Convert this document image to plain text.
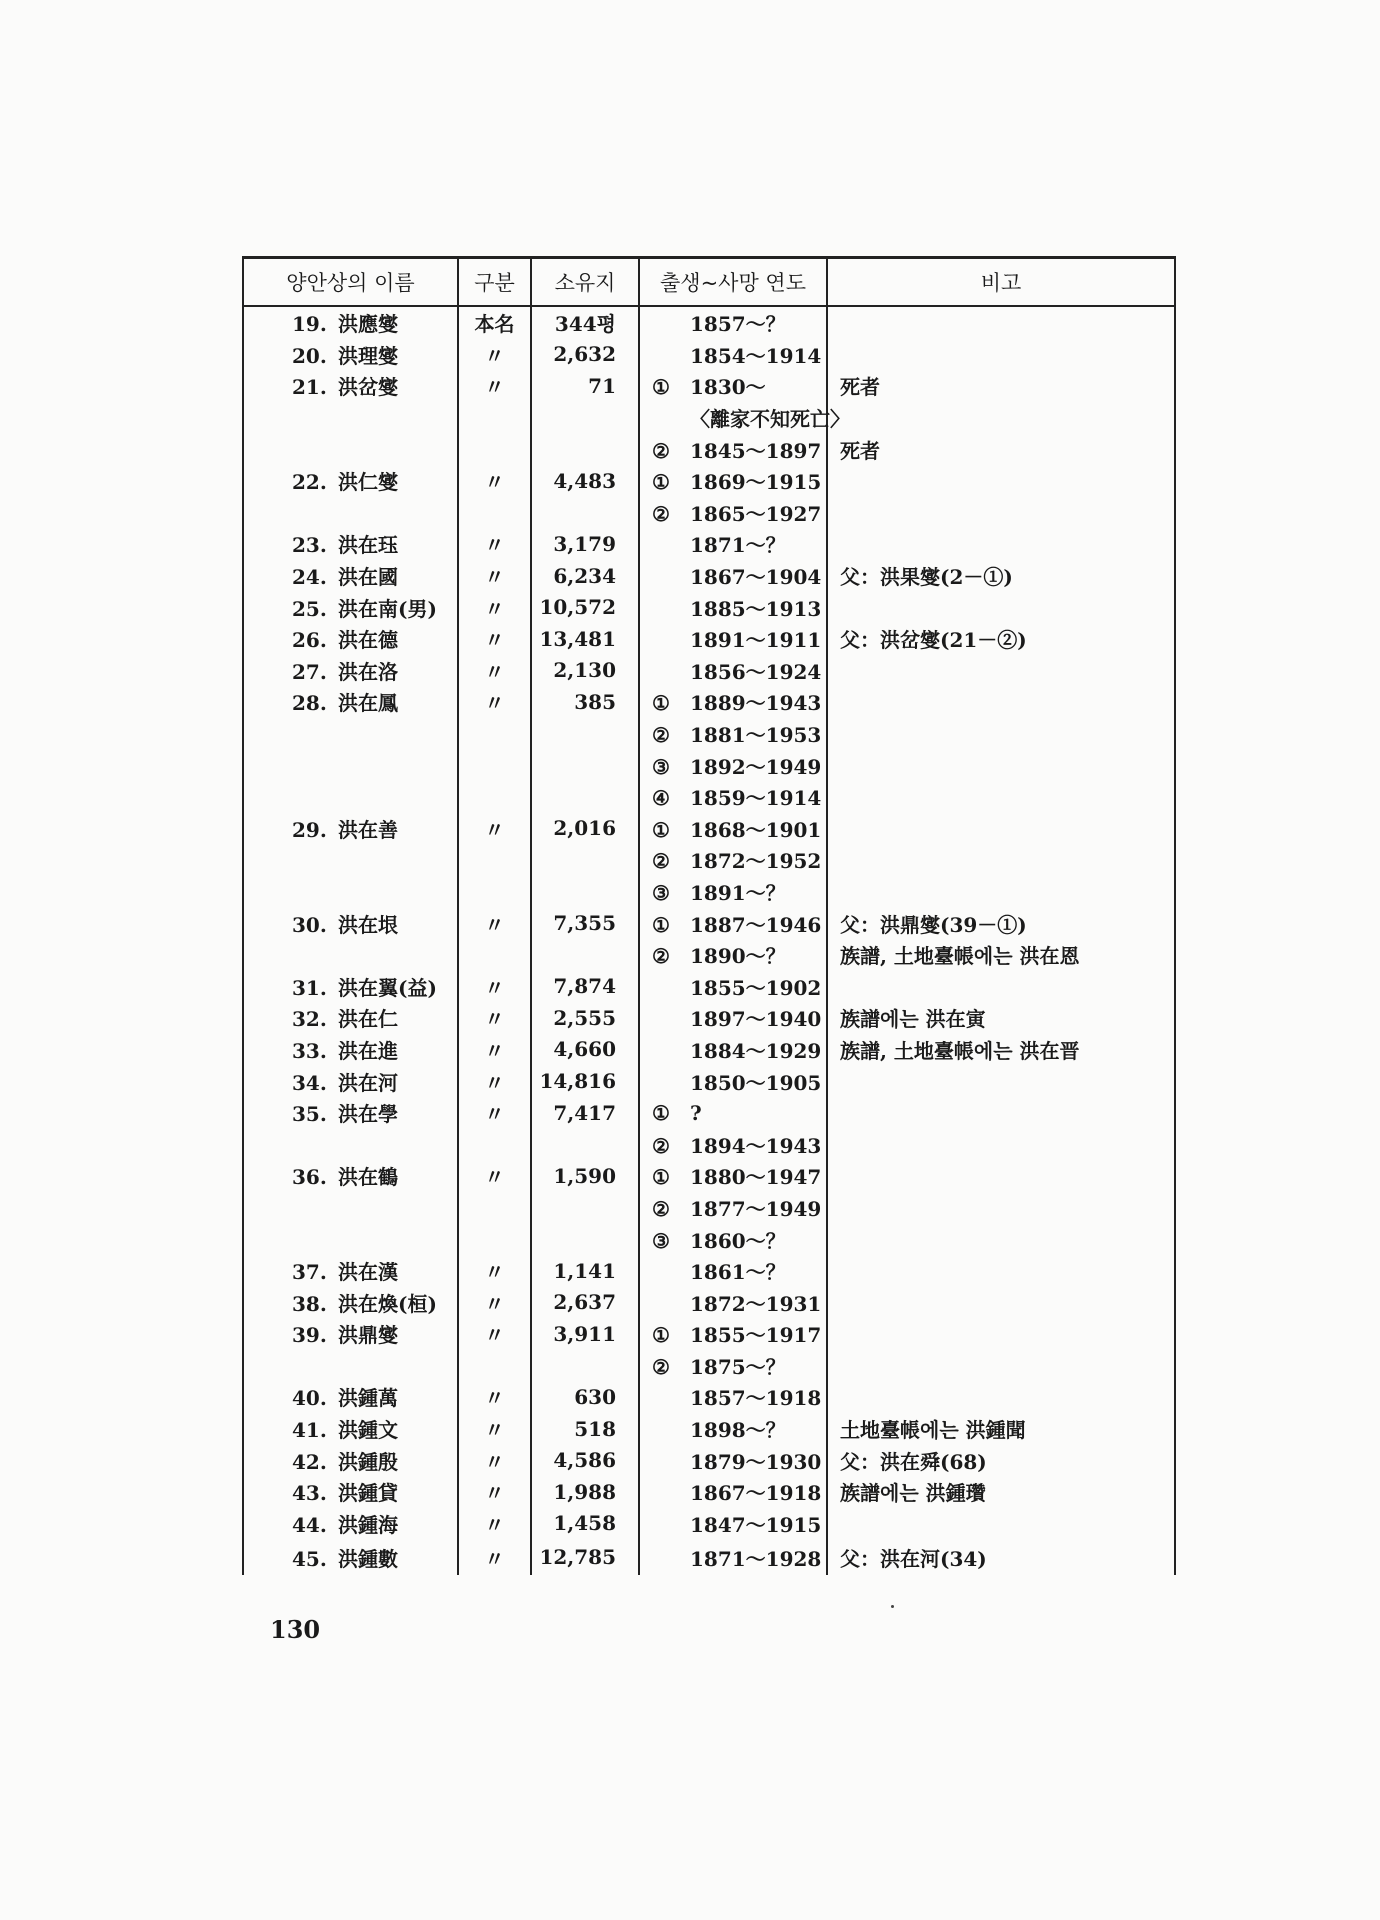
양안상의 이름	구분	소유지	출생~사망 연도	비고
19. 洪應燮	本名	344평	1857～？	
20. 洪理燮	〃	2,632	1854～1914	
21. 洪岔燮	〃	71	① 1830～	死者
			〈離家不知死亡〉	
			② 1845～1897	死者
22. 洪仁燮	〃	4,483	① 1869～1915	
			② 1865～1927	
23. 洪在珏	〃	3,179	1871～？	
24. 洪在國	〃	6,234	1867～1904	父：洪果燮(2－①)
25. 洪在南(男)	〃	10,572	1885～1913	
26. 洪在德	〃	13,481	1891～1911	父：洪岔燮(21－②)
27. 洪在洛	〃	2,130	1856～1924	
28. 洪在鳳	〃	385	① 1889～1943	
			② 1881～1953	
			③ 1892～1949	
			④ 1859～1914	
29. 洪在善	〃	2,016	① 1868～1901	
			② 1872～1952	
			③ 1891～？	
30. 洪在垠	〃	7,355	① 1887～1946	父：洪鼎燮(39－①)
			② 1890～？	族譜, 土地臺帳에는 洪在恩
31. 洪在翼(益)	〃	7,874	1855～1902	
32. 洪在仁	〃	2,555	1897～1940	族譜에는 洪在寅
33. 洪在進	〃	4,660	1884～1929	族譜, 土地臺帳에는 洪在晋
34. 洪在河	〃	14,816	1850～1905	
35. 洪在學	〃	7,417	① ?	
			② 1894～1943	
36. 洪在鶴	〃	1,590	① 1880～1947	
			② 1877～1949	
			③ 1860～？	
37. 洪在漢	〃	1,141	1861～？	
38. 洪在煥(桓)	〃	2,637	1872～1931	
39. 洪鼎燮	〃	3,911	① 1855～1917	
			② 1875～？	
40. 洪鍾萬	〃	630	1857～1918	
41. 洪鍾文	〃	518	1898～？	土地臺帳에는 洪鍾聞
42. 洪鍾殷	〃	4,586	1879～1930	父：洪在舜(68)
43. 洪鍾貸	〃	1,988	1867～1918	族譜에는 洪鍾瓚
44. 洪鍾海	〃	1,458	1847～1915	
45. 洪鍾數	〃	12,785	1871～1928	父：洪在河(34)
130
